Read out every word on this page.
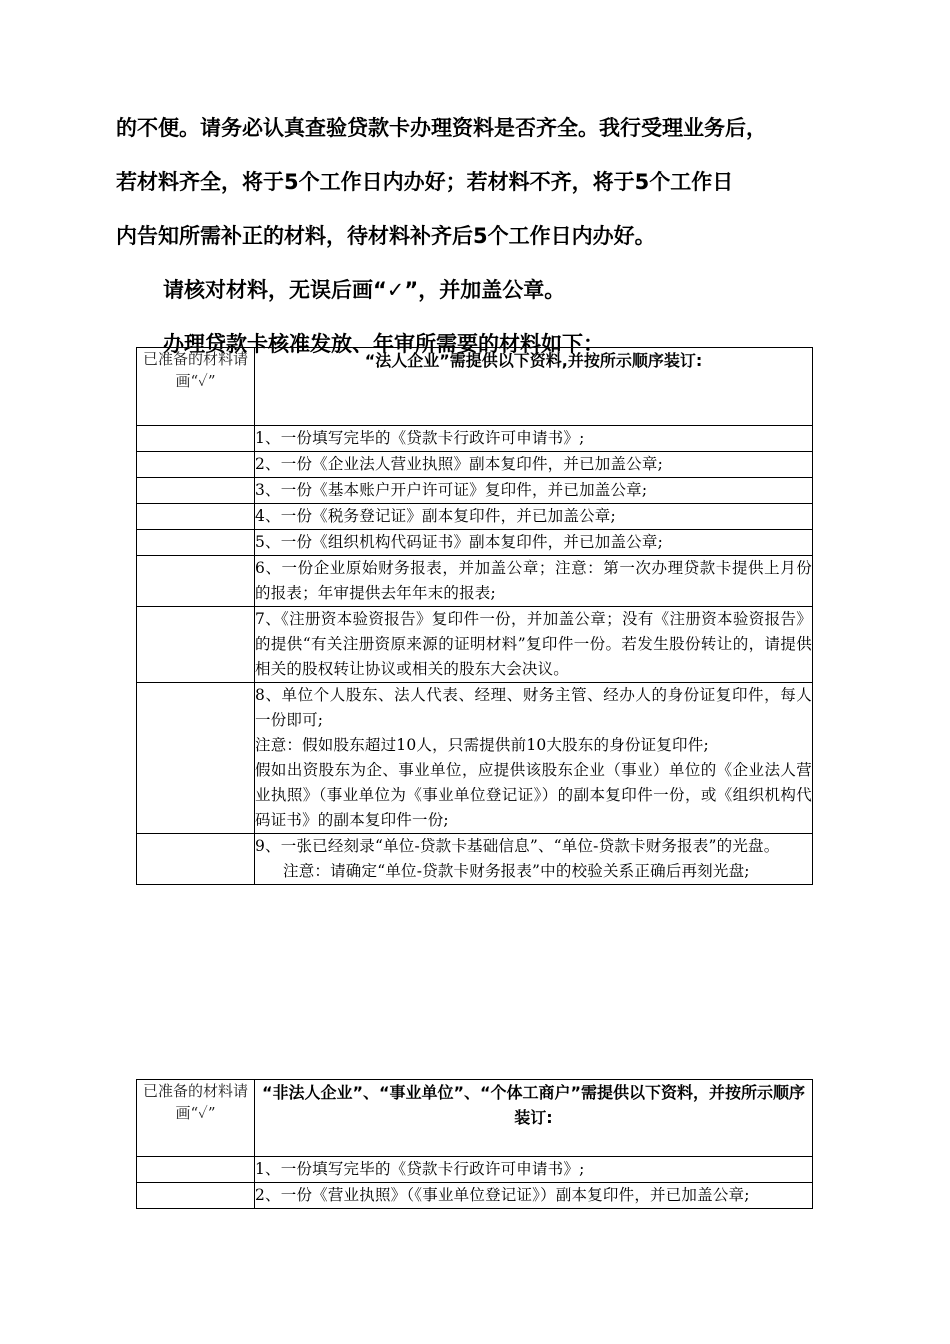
的不便。请务必认真查验贷款卡办理资料是否齐全。我行受理业务后，
若材料齐全，将于5个工作日内办好；若材料不齐，将于5个工作日
内告知所需补正的材料，待材料补齐后5个工作日内办好。
请核对材料，无误后画“✓”，并加盖公章。
办理贷款卡核准发放、年审所需要的材料如下：
已准备的材料请画“✓”	“法人企业”需提供以下资料,并按所示顺序装订:

	1、一份填写完毕的《贷款卡行政许可申请书》;

	2、一份《企业法人营业执照》副本复印件，并已加盖公章;

	3、一份《基本账户开户许可证》复印件，并已加盖公章;

	4、一份《税务登记证》副本复印件，并已加盖公章;

	5、一份《组织机构代码证书》副本复印件，并已加盖公章;

	6、一份企业原始财务报表，并加盖公章；注意：第一次办理贷款卡提供上月份的报表；年审提供去年年末的报表;

	7、《注册资本验资报告》复印件一份，并加盖公章；没有《注册资本验资报告》的提供“有关注册资原来源的证明材料”复印件一份。若发生股份转让的，请提供相关的股权转让协议或相关的股东大会决议。

	8、单位个人股东、法人代表、经理、财务主管、经办人的身份证复印件，每人一份即可;
注意：假如股东超过10人，只需提供前10大股东的身份证复印件;
假如出资股东为企、事业单位，应提供该股东企业（事业）单位的《企业法人营业执照》（事业单位为《事业单位登记证》）的副本复印件一份，或《组织机构代码证书》的副本复印件一份;

	9、一张已经刻录“单位-贷款卡基础信息”、“单位-贷款卡财务报表”的光盘。
注意：请确定“单位-贷款卡财务报表”中的校验关系正确后再刻光盘;
已准备的材料请画“✓”	“非法人企业”、“事业单位”、“个体工商户”需提供以下资料，并按所示顺序装订:

	1、一份填写完毕的《贷款卡行政许可申请书》;

	2、一份《营业执照》（《事业单位登记证》）副本复印件，并已加盖公章;
